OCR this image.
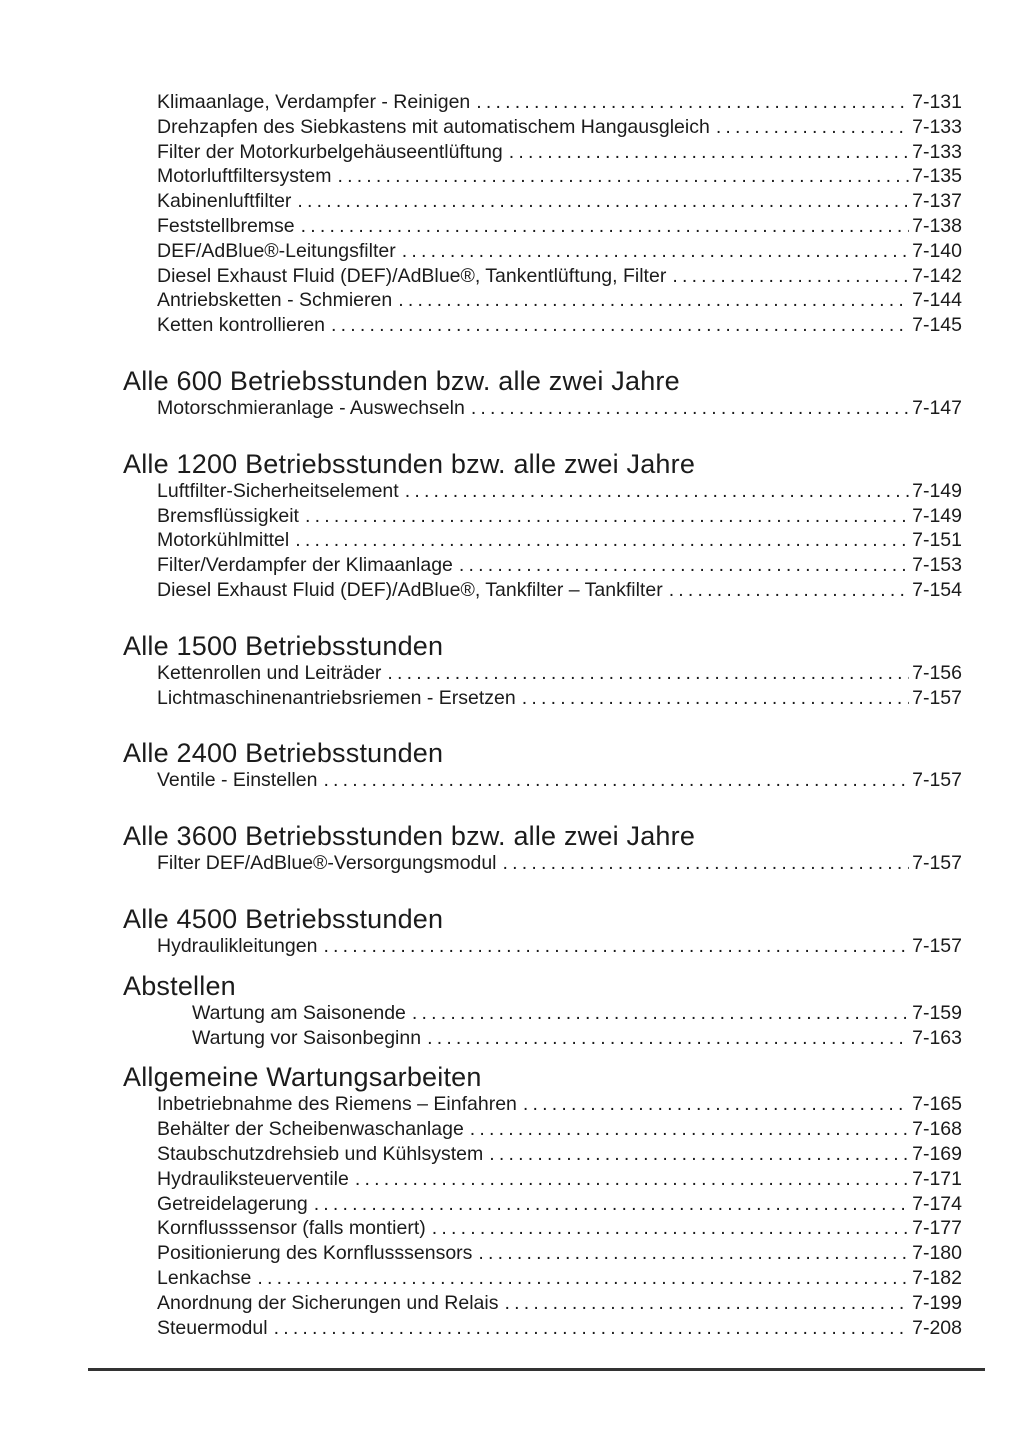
Klimaanlage, Verdampfer - Reinigen .....	7-131
Drehzapfen des Siebkastens mit automatischem Hangausgleich .....	7-133
Filter der Motorkurbelgehäuseentlüftung .....	7-133
Motorluftfiltersystem .....	7-135
Kabinenluftfilter .....	7-137
Feststellbremse .....	7-138
DEF/AdBlue®-Leitungsfilter .....	7-140
Diesel Exhaust Fluid (DEF)/AdBlue®, Tankentlüftung, Filter .....	7-142
Antriebsketten - Schmieren .....	7-144
Ketten kontrollieren .....	7-145
Alle 600 Betriebsstunden bzw. alle zwei Jahre
Motorschmieranlage - Auswechseln .....	7-147
Alle 1200 Betriebsstunden bzw. alle zwei Jahre
Luftfilter-Sicherheitselement .....	7-149
Bremsflüssigkeit .....	7-149
Motorkühlmittel .....	7-151
Filter/Verdampfer der Klimaanlage .....	7-153
Diesel Exhaust Fluid (DEF)/AdBlue®, Tankfilter – Tankfilter .....	7-154
Alle 1500 Betriebsstunden
Kettenrollen und Leiträder .....	7-156
Lichtmaschinenantriebsriemen - Ersetzen .....	7-157
Alle 2400 Betriebsstunden
Ventile - Einstellen .....	7-157
Alle 3600 Betriebsstunden bzw. alle zwei Jahre
Filter DEF/AdBlue®-Versorgungsmodul .....	7-157
Alle 4500 Betriebsstunden
Hydraulikleitungen .....	7-157
Abstellen
Wartung am Saisonende .....	7-159
Wartung vor Saisonbeginn .....	7-163
Allgemeine Wartungsarbeiten
Inbetriebnahme des Riemens – Einfahren .....	7-165
Behälter der Scheibenwaschanlage .....	7-168
Staubschutzdrehsieb und Kühlsystem .....	7-169
Hydrauliksteuerventile .....	7-171
Getreidelagerung .....	7-174
Kornflusssensor (falls montiert) .....	7-177
Positionierung des Kornflusssensors .....	7-180
Lenkachse .....	7-182
Anordnung der Sicherungen und Relais .....	7-199
Steuermodul .....	7-208
